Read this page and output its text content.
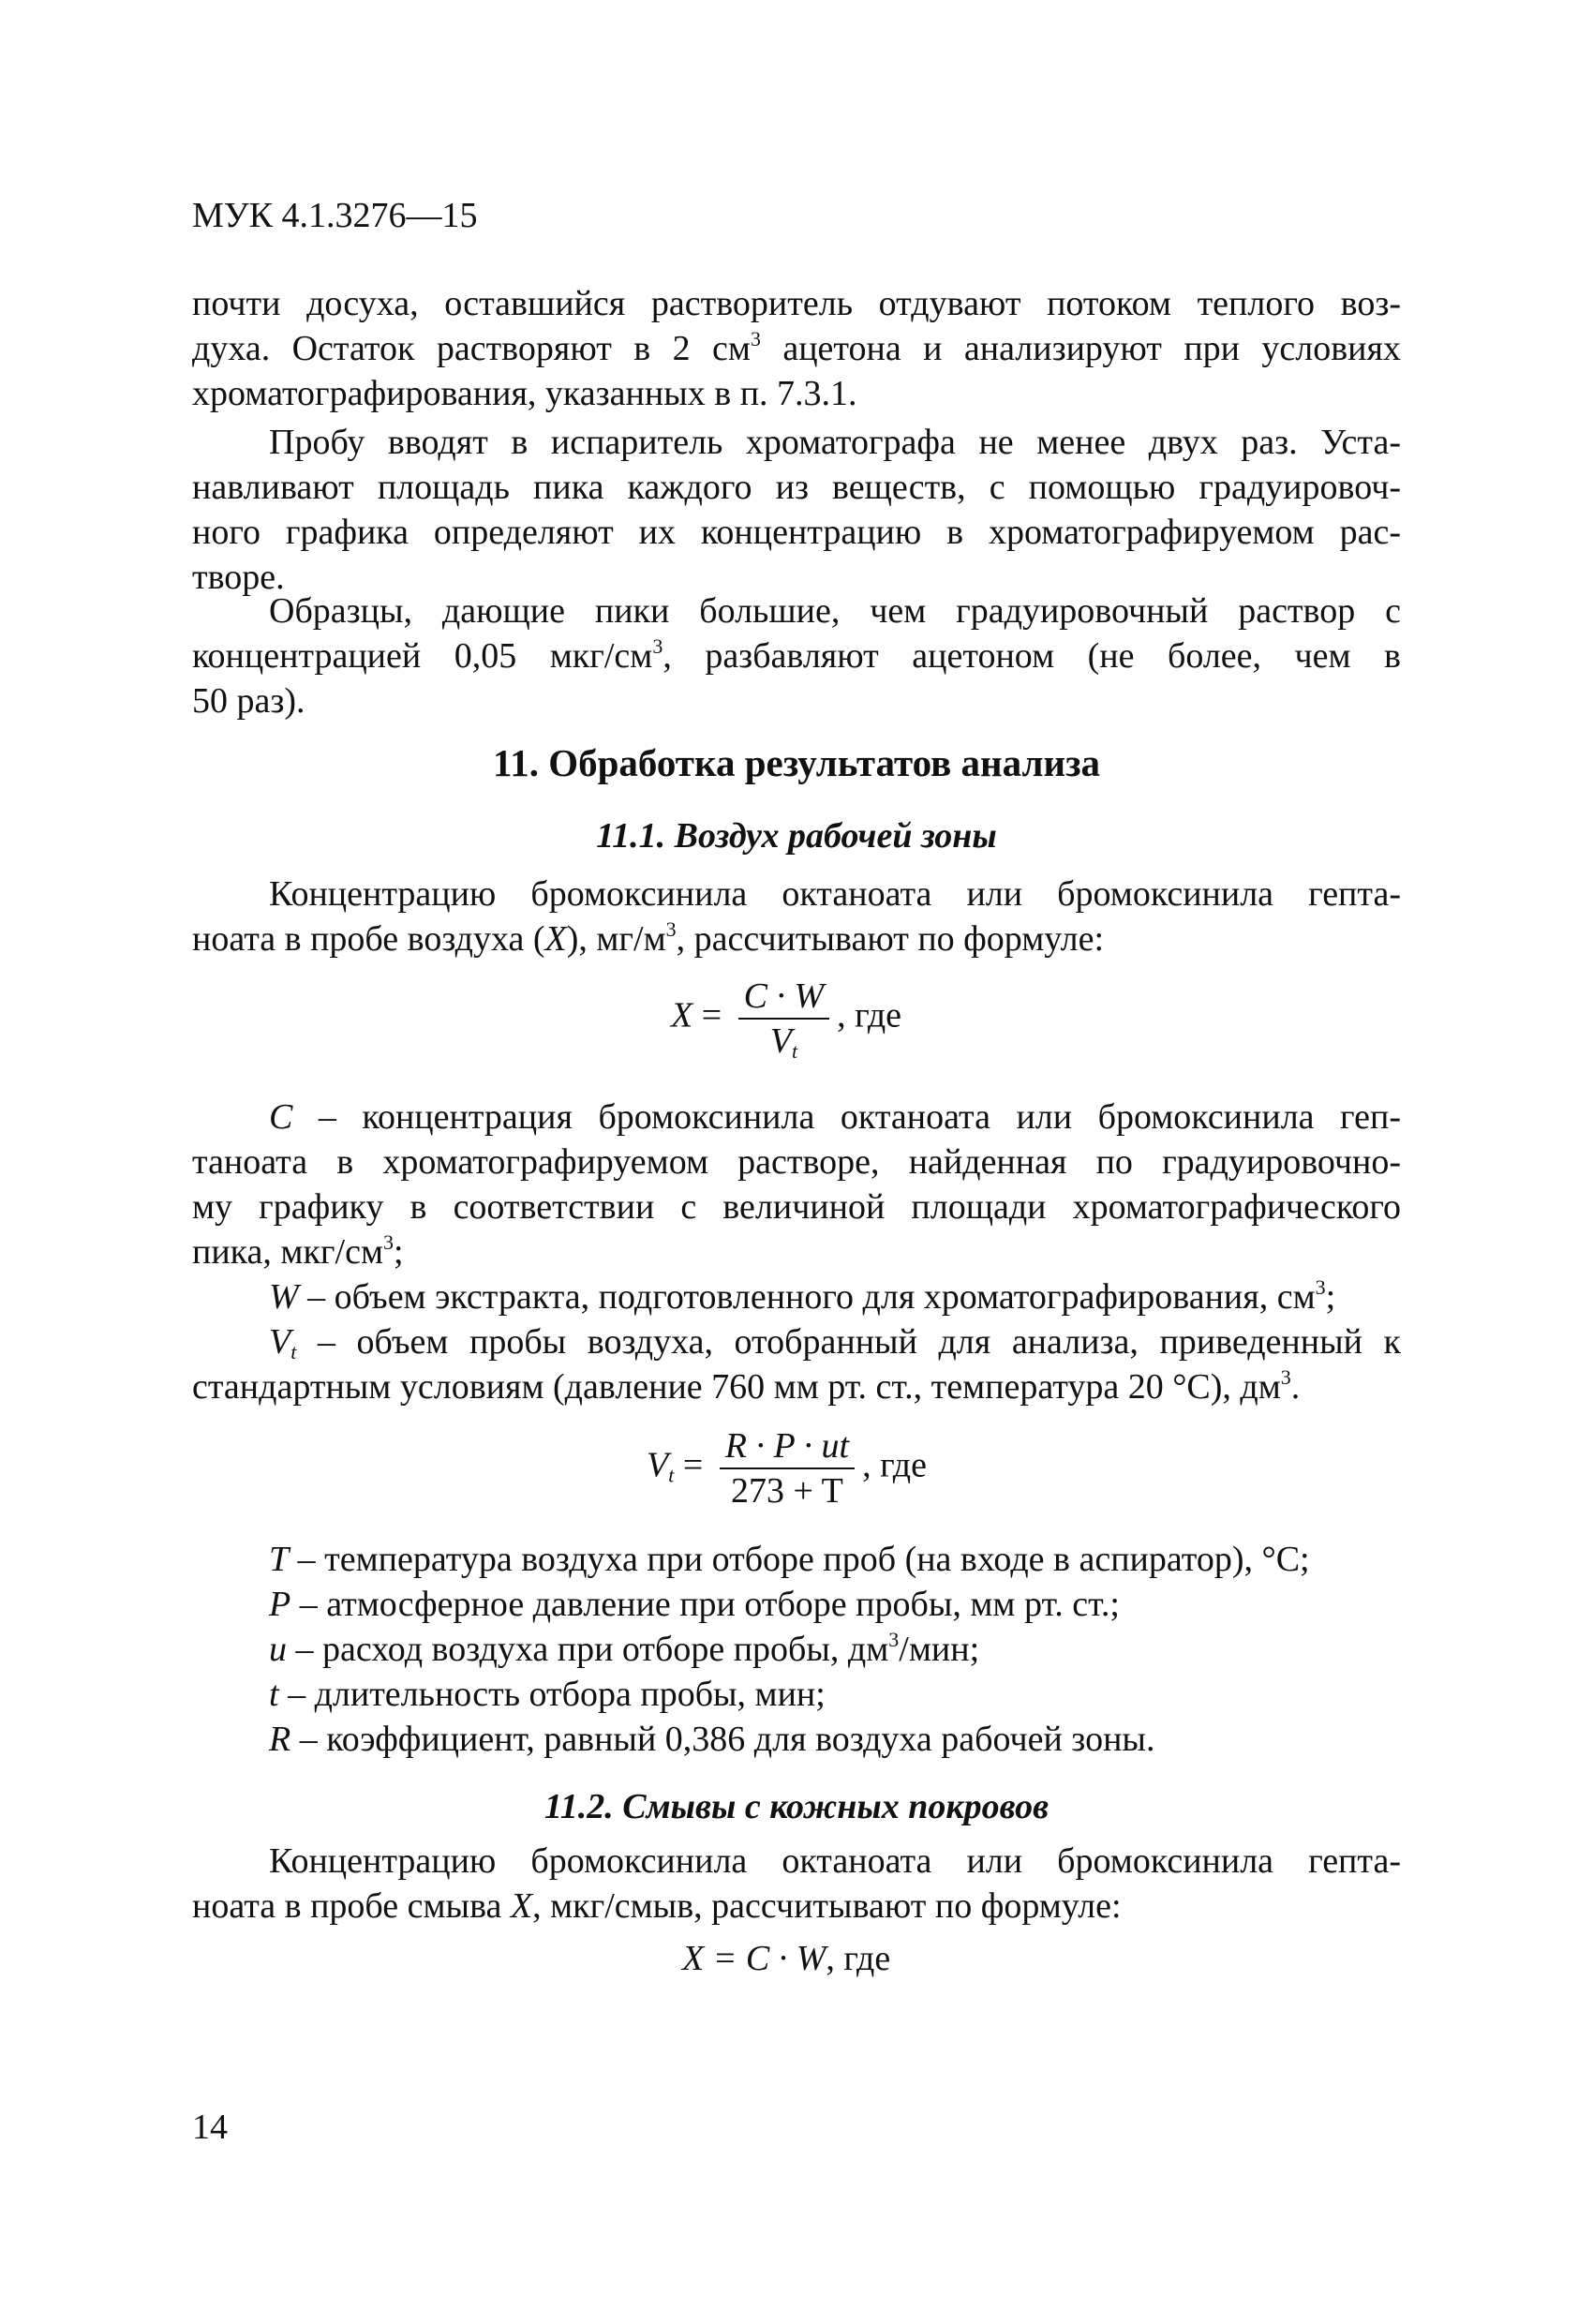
МУК 4.1.3276—15
почти досуха, оставшийся растворитель отдувают потоком теплого воз-
духа. Остаток растворяют в 2 $см^3$ ацетона и анализируют при условиях
хроматографирования, указанных в п. 7.3.1.
Пробу вводят в испаритель хроматографа не менее двух раз. Уста-
навливают площадь пика каждого из веществ, с помощью градуировоч-
ного графика определяют их концентрацию в хроматографируемом рас-
творе.
Образцы, дающие пики большие, чем градуировочный раствор с
концентрацией 0,05 мкг/$см^3$, разбавляют ацетоном (не более, чем в
50 раз).
11. Обработка результатов анализа
11.1. Воздух рабочей зоны
Концентрацию бромоксинила октаноата или бромоксинила гепта-
ноата в пробе воздуха (X), $мг/м^3$, рассчитывают по формуле:
$X = \frac{C \cdot W}{V_t}$ , где
C – концентрация бромоксинила октаноата или бромоксинила геп-
таноата в хроматографируемом растворе, найденная по градуировочно-
му графику в соответствии с величиной площади хроматографического
пика, мкг/$см^3$;
W – объем экстракта, подготовленного для хроматографирования, $см^3$;
$V_t$ – объем пробы воздуха, отобранный для анализа, приведенный к
стандартным условиям (давление 760 мм рт. ст., температура 20 °С), $дм^3$.
$V_t = \frac{R \cdot P \cdot ut}{273 + T}$ , где
T – температура воздуха при отборе проб (на входе в аспиратор), °С;
P – атмосферное давление при отборе пробы, мм рт. ст.;
u – расход воздуха при отборе пробы, $дм^3$/мин;
t – длительность отбора пробы, мин;
R – коэффициент, равный 0,386 для воздуха рабочей зоны.
11.2. Смывы с кожных покровов
Концентрацию бромоксинила октаноата или бромоксинила гепта-
ноата в пробе смыва X, мкг/смыв, рассчитывают по формуле:
X = C · W, где
14
